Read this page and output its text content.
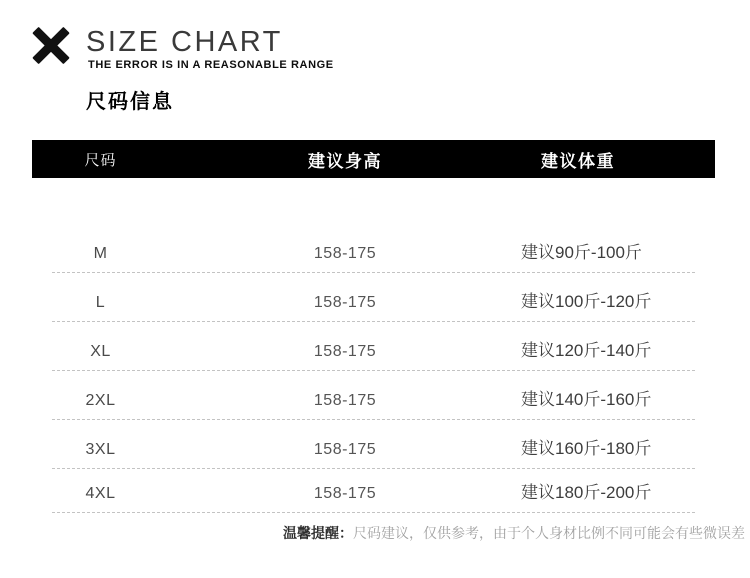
SIZE CHART
THE ERROR IS IN A REASONABLE RANGE
尺码信息
尺码	建议身高	建议体重
M	158-175	建议90斤-100斤
L	158-175	建议100斤-120斤
XL	158-175	建议120斤-140斤
2XL	158-175	建议140斤-160斤
3XL	158-175	建议160斤-180斤
4XL	158-175	建议180斤-200斤
温馨提醒：尺码建议，仅供参考，由于个人身材比例不同可能会有些微误差
